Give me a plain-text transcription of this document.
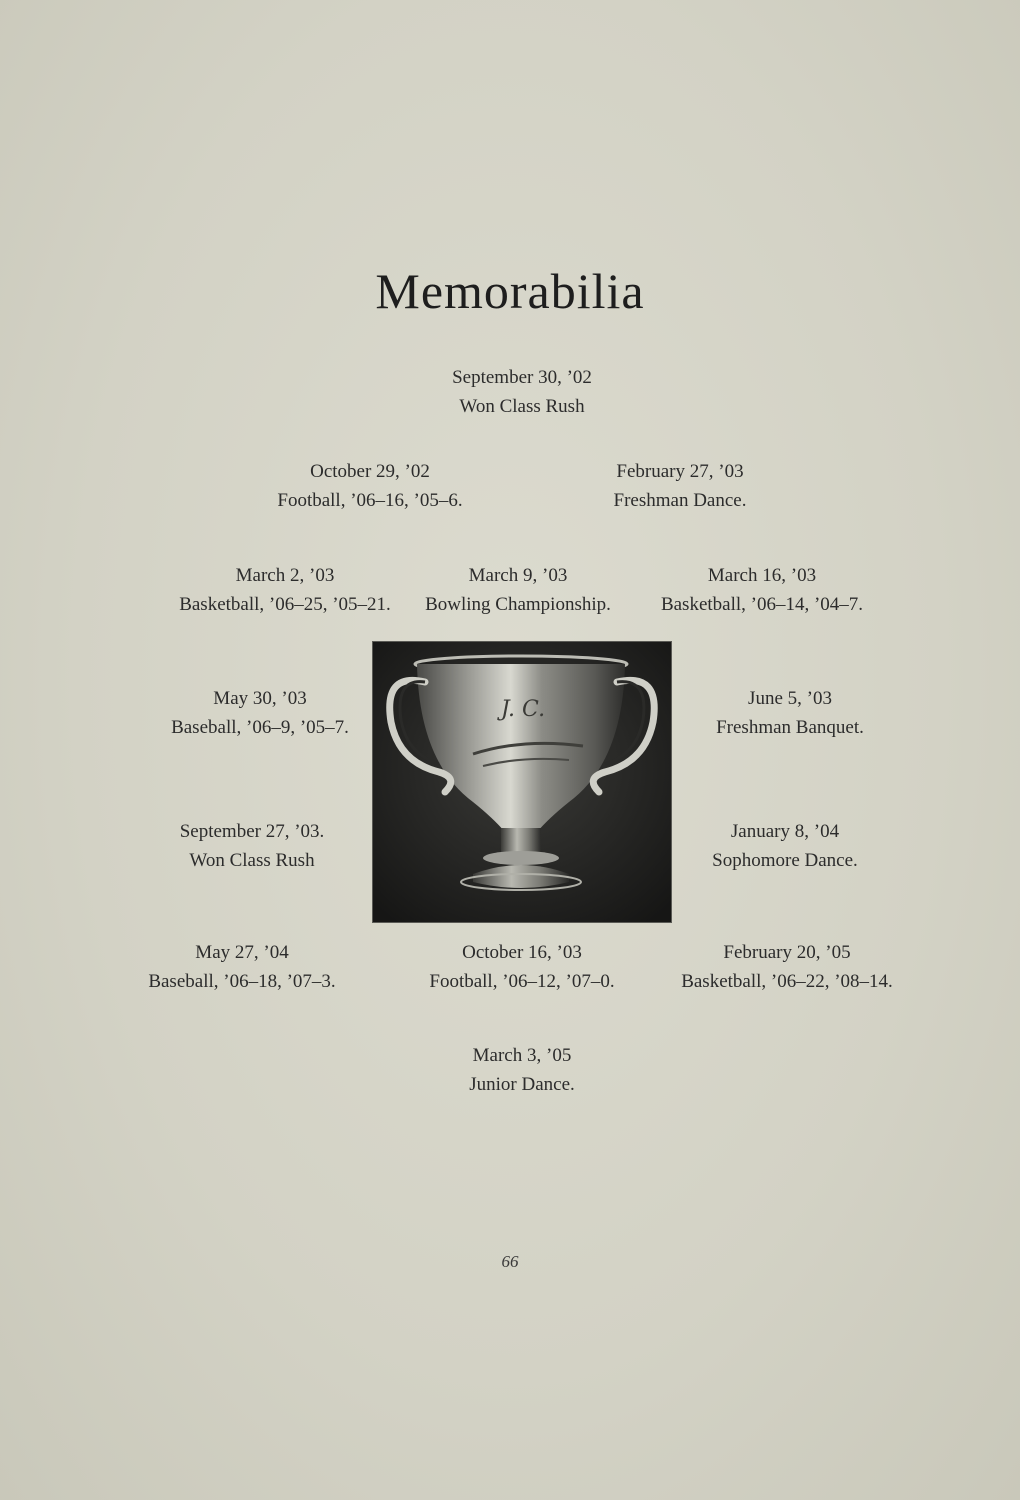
Memorabilia
September 30, ’02
Won Class Rush
October 29, ’02
Football, ’06–16, ’05–6.
February 27, ’03
Freshman Dance.
March 2, ’03
Basketball, ’06–25, ’05–21.
March 9, ’03
Bowling Championship.
March 16, ’03
Basketball, ’06–14, ’04–7.
May 30, ’03
Baseball, ’06–9, ’05–7.
June 5, ’03
Freshman Banquet.
September 27, ’03.
Won Class Rush
January 8, ’04
Sophomore Dance.
May 27, ’04
Baseball, ’06–18, ’07–3.
October 16, ’03
Football, ’06–12, ’07–0.
February 20, ’05
Basketball, ’06–22, ’08–14.
March 3, ’05
Junior Dance.
J. C.
66
